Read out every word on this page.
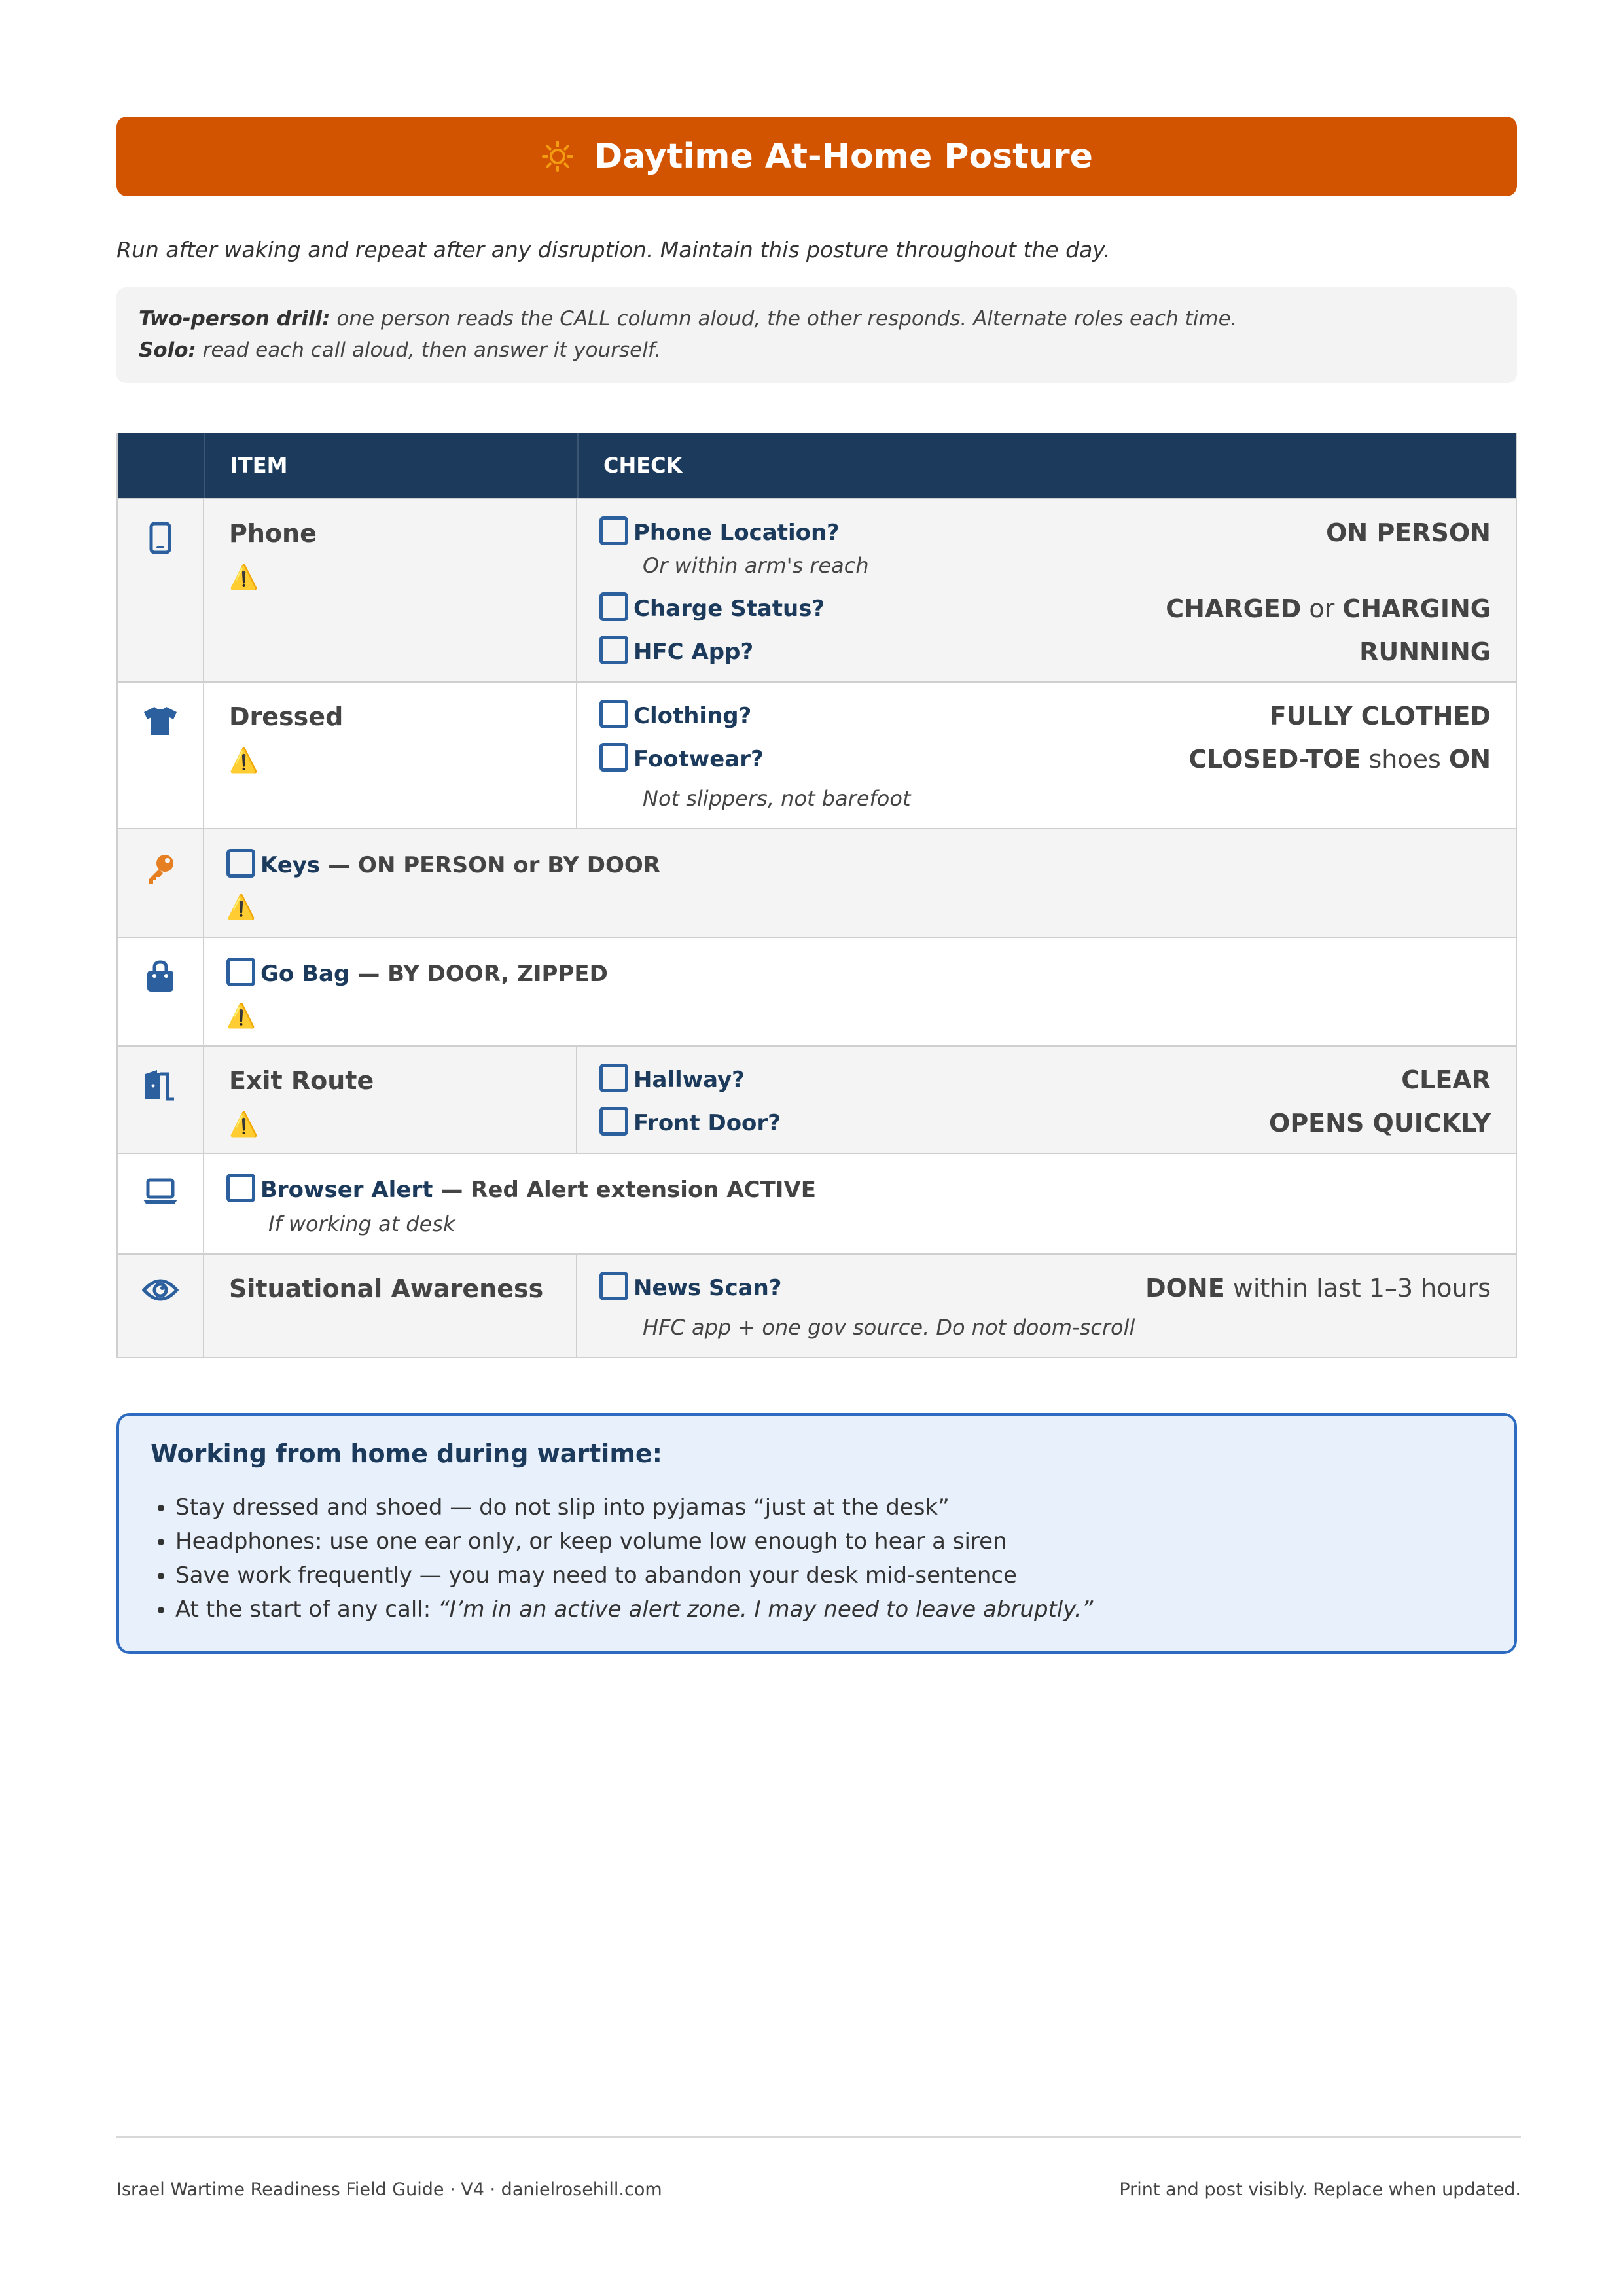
Daytime At-Home Posture
Run after waking and repeat after any disruption. Maintain this posture throughout the day.
Two-person drill: one person reads the CALL column aloud, the other responds. Alternate roles each time.
Solo: read each call aloud, then answer it yourself.
ITEM	CHECK
Phone
⚠️
Phone Location?	ON PERSON
Or within arm's reach
Charge Status?	CHARGED or CHARGING
HFC App?	RUNNING
Dressed
⚠️
Clothing?	FULLY CLOTHED
Footwear?	CLOSED-TOE shoes ON
Not slippers, not barefoot
Keys — ON PERSON or BY DOOR
⚠️
Go Bag — BY DOOR, ZIPPED
⚠️
Exit Route
⚠️
Hallway?	CLEAR
Front Door?	OPENS QUICKLY
Browser Alert — Red Alert extension ACTIVE
If working at desk
Situational Awareness	News Scan?	DONE within last 1–3 hours
HFC app + one gov source. Do not doom-scroll
Working from home during wartime:
• Stay dressed and shoed — do not slip into pyjamas “just at the desk”
• Headphones: use one ear only, or keep volume low enough to hear a siren
• Save work frequently — you may need to abandon your desk mid-sentence
• At the start of any call: “I’m in an active alert zone. I may need to leave abruptly.”
Israel Wartime Readiness Field Guide · V4 · danielrosehill.com	Print and post visibly. Replace when updated.
